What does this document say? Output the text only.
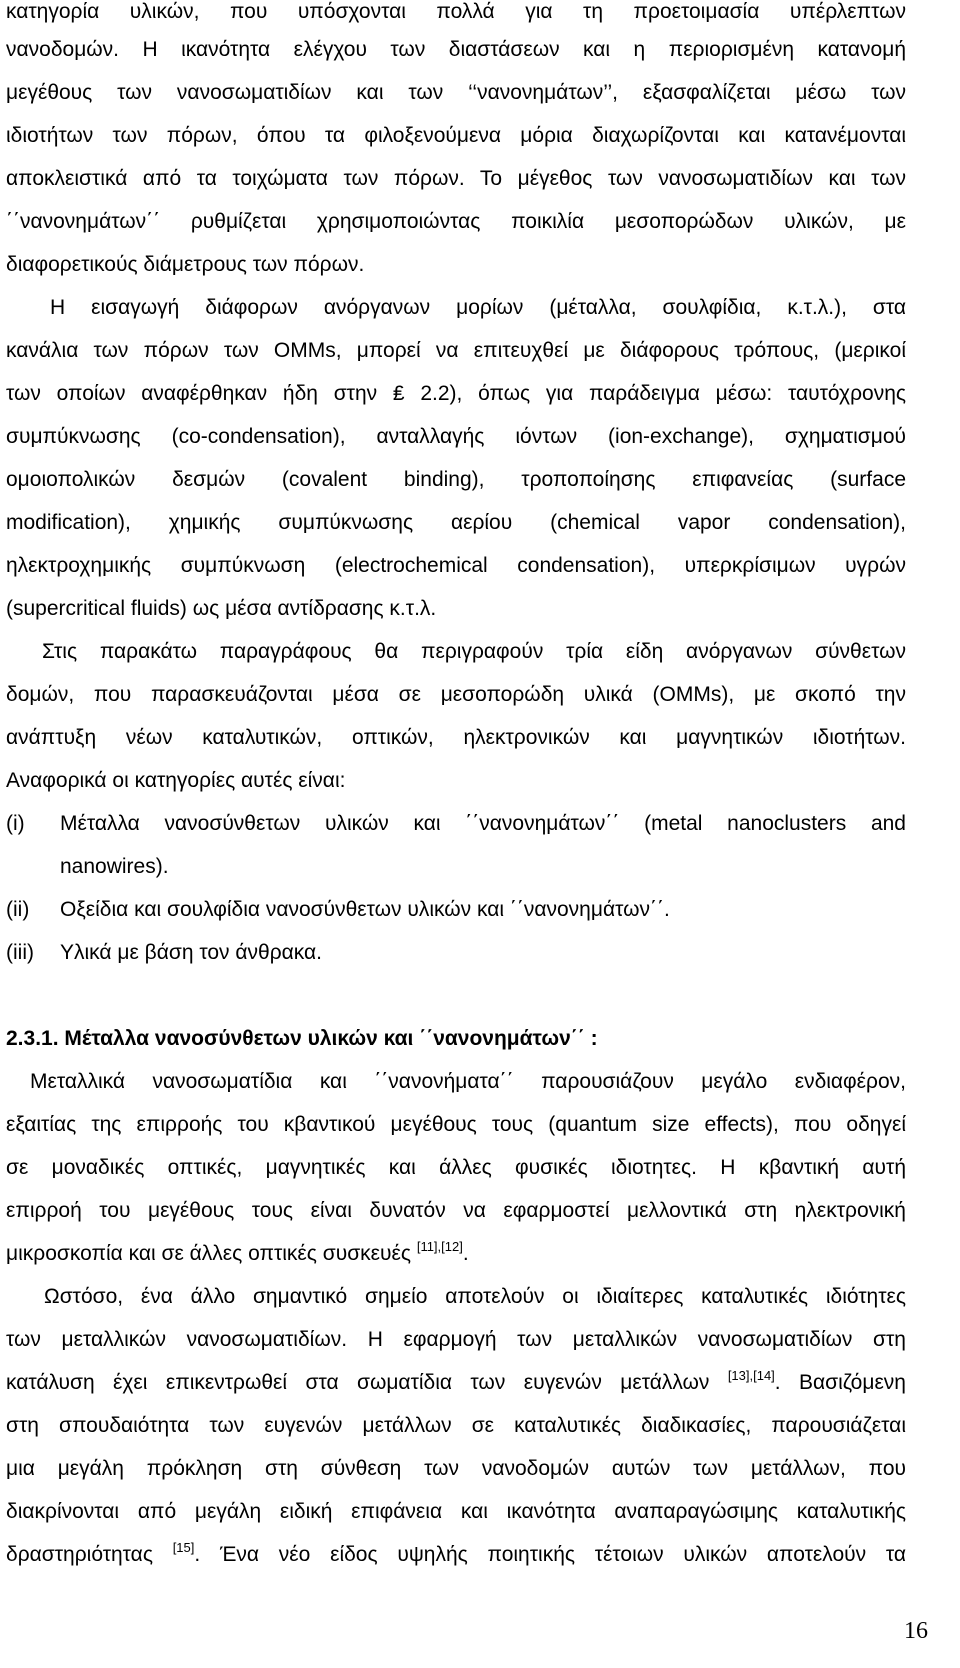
κατηγορία υλικών, που υπόσχονται πολλά για τη προετοιμασία υπέρλεπτων
νανοδομών. Η ικανότητα ελέγχου των διαστάσεων και η περιορισμένη κατανομή
μεγέθους των νανοσωματιδίων και των ‘‘νανονημάτων’’, εξασφαλίζεται μέσω των
ιδιοτήτων των πόρων, όπου τα φιλοξενούμενα μόρια διαχωρίζονται και κατανέμονται
αποκλειστικά από τα τοιχώματα των πόρων. Το μέγεθος των νανοσωματιδίων και των
΄΄νανονημάτων΄΄ ρυθμίζεται χρησιμοποιώντας ποικιλία μεσοπορώδων υλικών, με
διαφορετικούς διάμετρους των πόρων.
Η εισαγωγή διάφορων ανόργανων μορίων (μέταλλα, σουλφίδια, κ.τ.λ.), στα
κανάλια των πόρων των OMMs, μπορεί να επιτευχθεί με διάφορους τρόπους, (μερικοί
των οποίων αναφέρθηκαν ήδη στην ₤ 2.2), όπως για παράδειγμα μέσω: ταυτόχρονης
συμπύκνωσης (co-condensation), ανταλλαγής ιόντων (ion-exchange), σχηματισμού
ομοιοπολικών δεσμών (covalent binding), τροποποίησης επιφανείας (surface
modification), χημικής συμπύκνωσης αερίου (chemical vapor condensation),
ηλεκτροχημικής συμπύκνωση (electrochemical condensation), υπερκρίσιμων υγρών
(supercritical fluids) ως μέσα αντίδρασης κ.τ.λ.
Στις παρακάτω παραγράφους θα περιγραφούν τρία είδη ανόργανων σύνθετων
δομών, που παρασκευάζονται μέσα σε μεσοπορώδη υλικά (OMMs), με σκοπό την
ανάπτυξη νέων καταλυτικών, οπτικών, ηλεκτρονικών και μαγνητικών ιδιοτήτων.
Αναφορικά οι κατηγορίες αυτές είναι:
(i) Μέταλλα νανοσύνθετων υλικών και ΄΄νανονημάτων΄΄ (metal nanoclusters and
nanowires).
(ii) Οξείδια και σουλφίδια νανοσύνθετων υλικών και ΄΄νανονημάτων΄΄.
(iii) Υλικά με βάση τον άνθρακα.
2.3.1. Μέταλλα νανοσύνθετων υλικών και ΄΄νανονημάτων΄΄ :
Μεταλλικά νανοσωματίδια και ΄΄νανονήματα΄΄ παρουσιάζουν μεγάλο ενδιαφέρον,
εξαιτίας της επιρροής του κβαντικού μεγέθους τους (quantum size effects), που οδηγεί
σε μοναδικές οπτικές, μαγνητικές και άλλες φυσικές ιδιοτητες. Η κβαντική αυτή
επιρροή του μεγέθους τους είναι δυνατόν να εφαρμοστεί μελλοντικά στη ηλεκτρονική
μικροσκοπία και σε άλλες οπτικές συσκευές [11],[12].
Ωστόσο, ένα άλλο σημαντικό σημείο αποτελούν οι ιδιαίτερες καταλυτικές ιδιότητες
των μεταλλικών νανοσωματιδίων. Η εφαρμογή των μεταλλικών νανοσωματιδίων στη
κατάλυση έχει επικεντρωθεί στα σωματίδια των ευγενών μετάλλων [13],[14]. Βασιζόμενη
στη σπουδαιότητα των ευγενών μετάλλων σε καταλυτικές διαδικασίες, παρουσιάζεται
μια μεγάλη πρόκληση στη σύνθεση των νανοδομών αυτών των μετάλλων, που
διακρίνονται από μεγάλη ειδική επιφάνεια και ικανότητα αναπαραγώσιμης καταλυτικής
δραστηριότητας [15]. Ένα νέο είδος υψηλής ποιητικής τέτοιων υλικών αποτελούν τα
16
